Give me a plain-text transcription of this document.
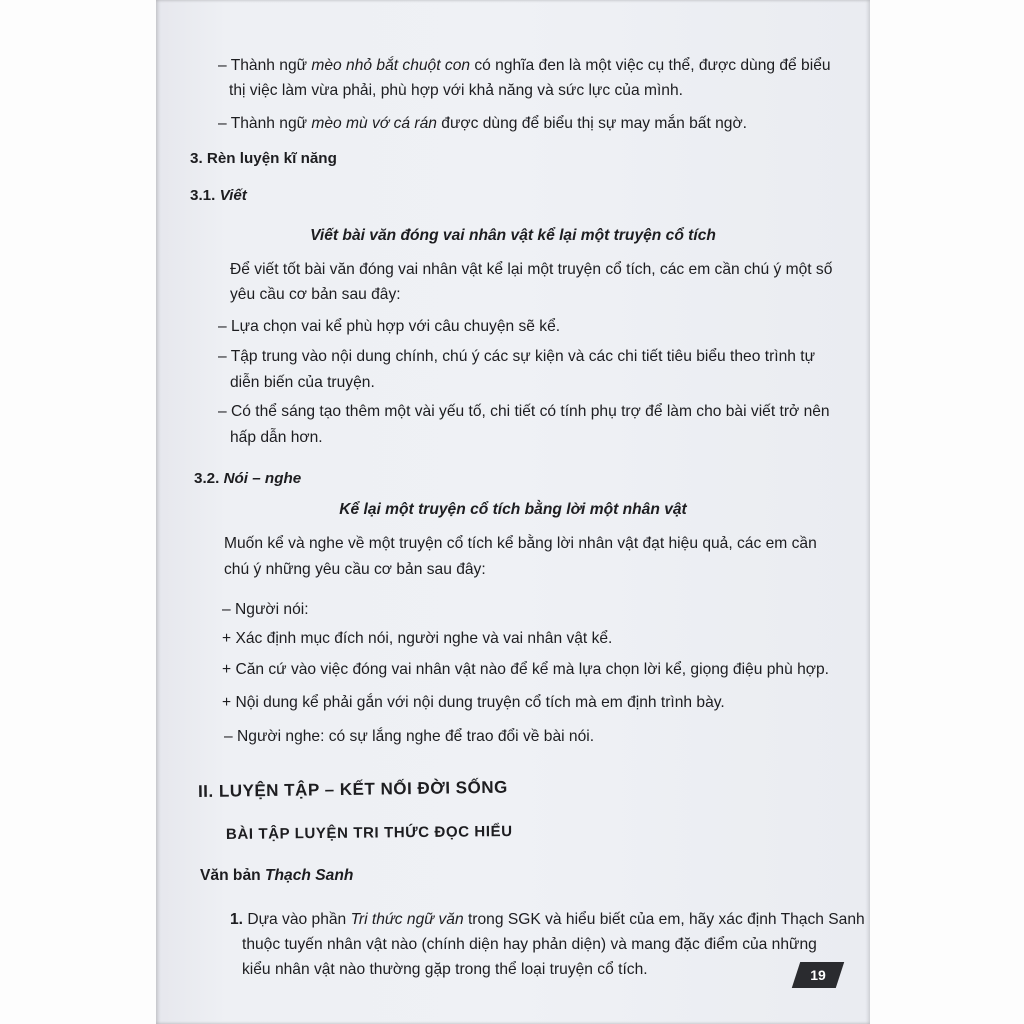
– Thành ngữ mèo nhỏ bắt chuột con có nghĩa đen là một việc cụ thể, được dùng để biểu

thị việc làm vừa phải, phù hợp với khả năng và sức lực của mình.

– Thành ngữ mèo mù vớ cá rán được dùng để biểu thị sự may mắn bất ngờ.

3. Rèn luyện kĩ năng

3.1. Viết

Viết bài văn đóng vai nhân vật kể lại một truyện cổ tích

Để viết tốt bài văn đóng vai nhân vật kể lại một truyện cổ tích, các em cần chú ý một số

yêu cầu cơ bản sau đây:

– Lựa chọn vai kể phù hợp với câu chuyện sẽ kể.

– Tập trung vào nội dung chính, chú ý các sự kiện và các chi tiết tiêu biểu theo trình tự

diễn biến của truyện.

– Có thể sáng tạo thêm một vài yếu tố, chi tiết có tính phụ trợ để làm cho bài viết trở nên

hấp dẫn hơn.

3.2. Nói – nghe

Kể lại một truyện cổ tích bằng lời một nhân vật

Muốn kể và nghe về một truyện cổ tích kể bằng lời nhân vật đạt hiệu quả, các em cần

chú ý những yêu cầu cơ bản sau đây:

– Người nói:

+ Xác định mục đích nói, người nghe và vai nhân vật kể.

+ Căn cứ vào việc đóng vai nhân vật nào để kể mà lựa chọn lời kể, giọng điệu phù hợp.

+ Nội dung kể phải gắn với nội dung truyện cổ tích mà em định trình bày.

– Người nghe: có sự lắng nghe để trao đổi về bài nói.

II. LUYỆN TẬP – KẾT NỐI ĐỜI SỐNG

BÀI TẬP LUYỆN TRI THỨC ĐỌC HIỂU

Văn bản Thạch Sanh

1. Dựa vào phần Tri thức ngữ văn trong SGK và hiểu biết của em, hãy xác định Thạch Sanh

thuộc tuyến nhân vật nào (chính diện hay phản diện) và mang đặc điểm của những

kiểu nhân vật nào thường gặp trong thể loại truyện cổ tích.	19
